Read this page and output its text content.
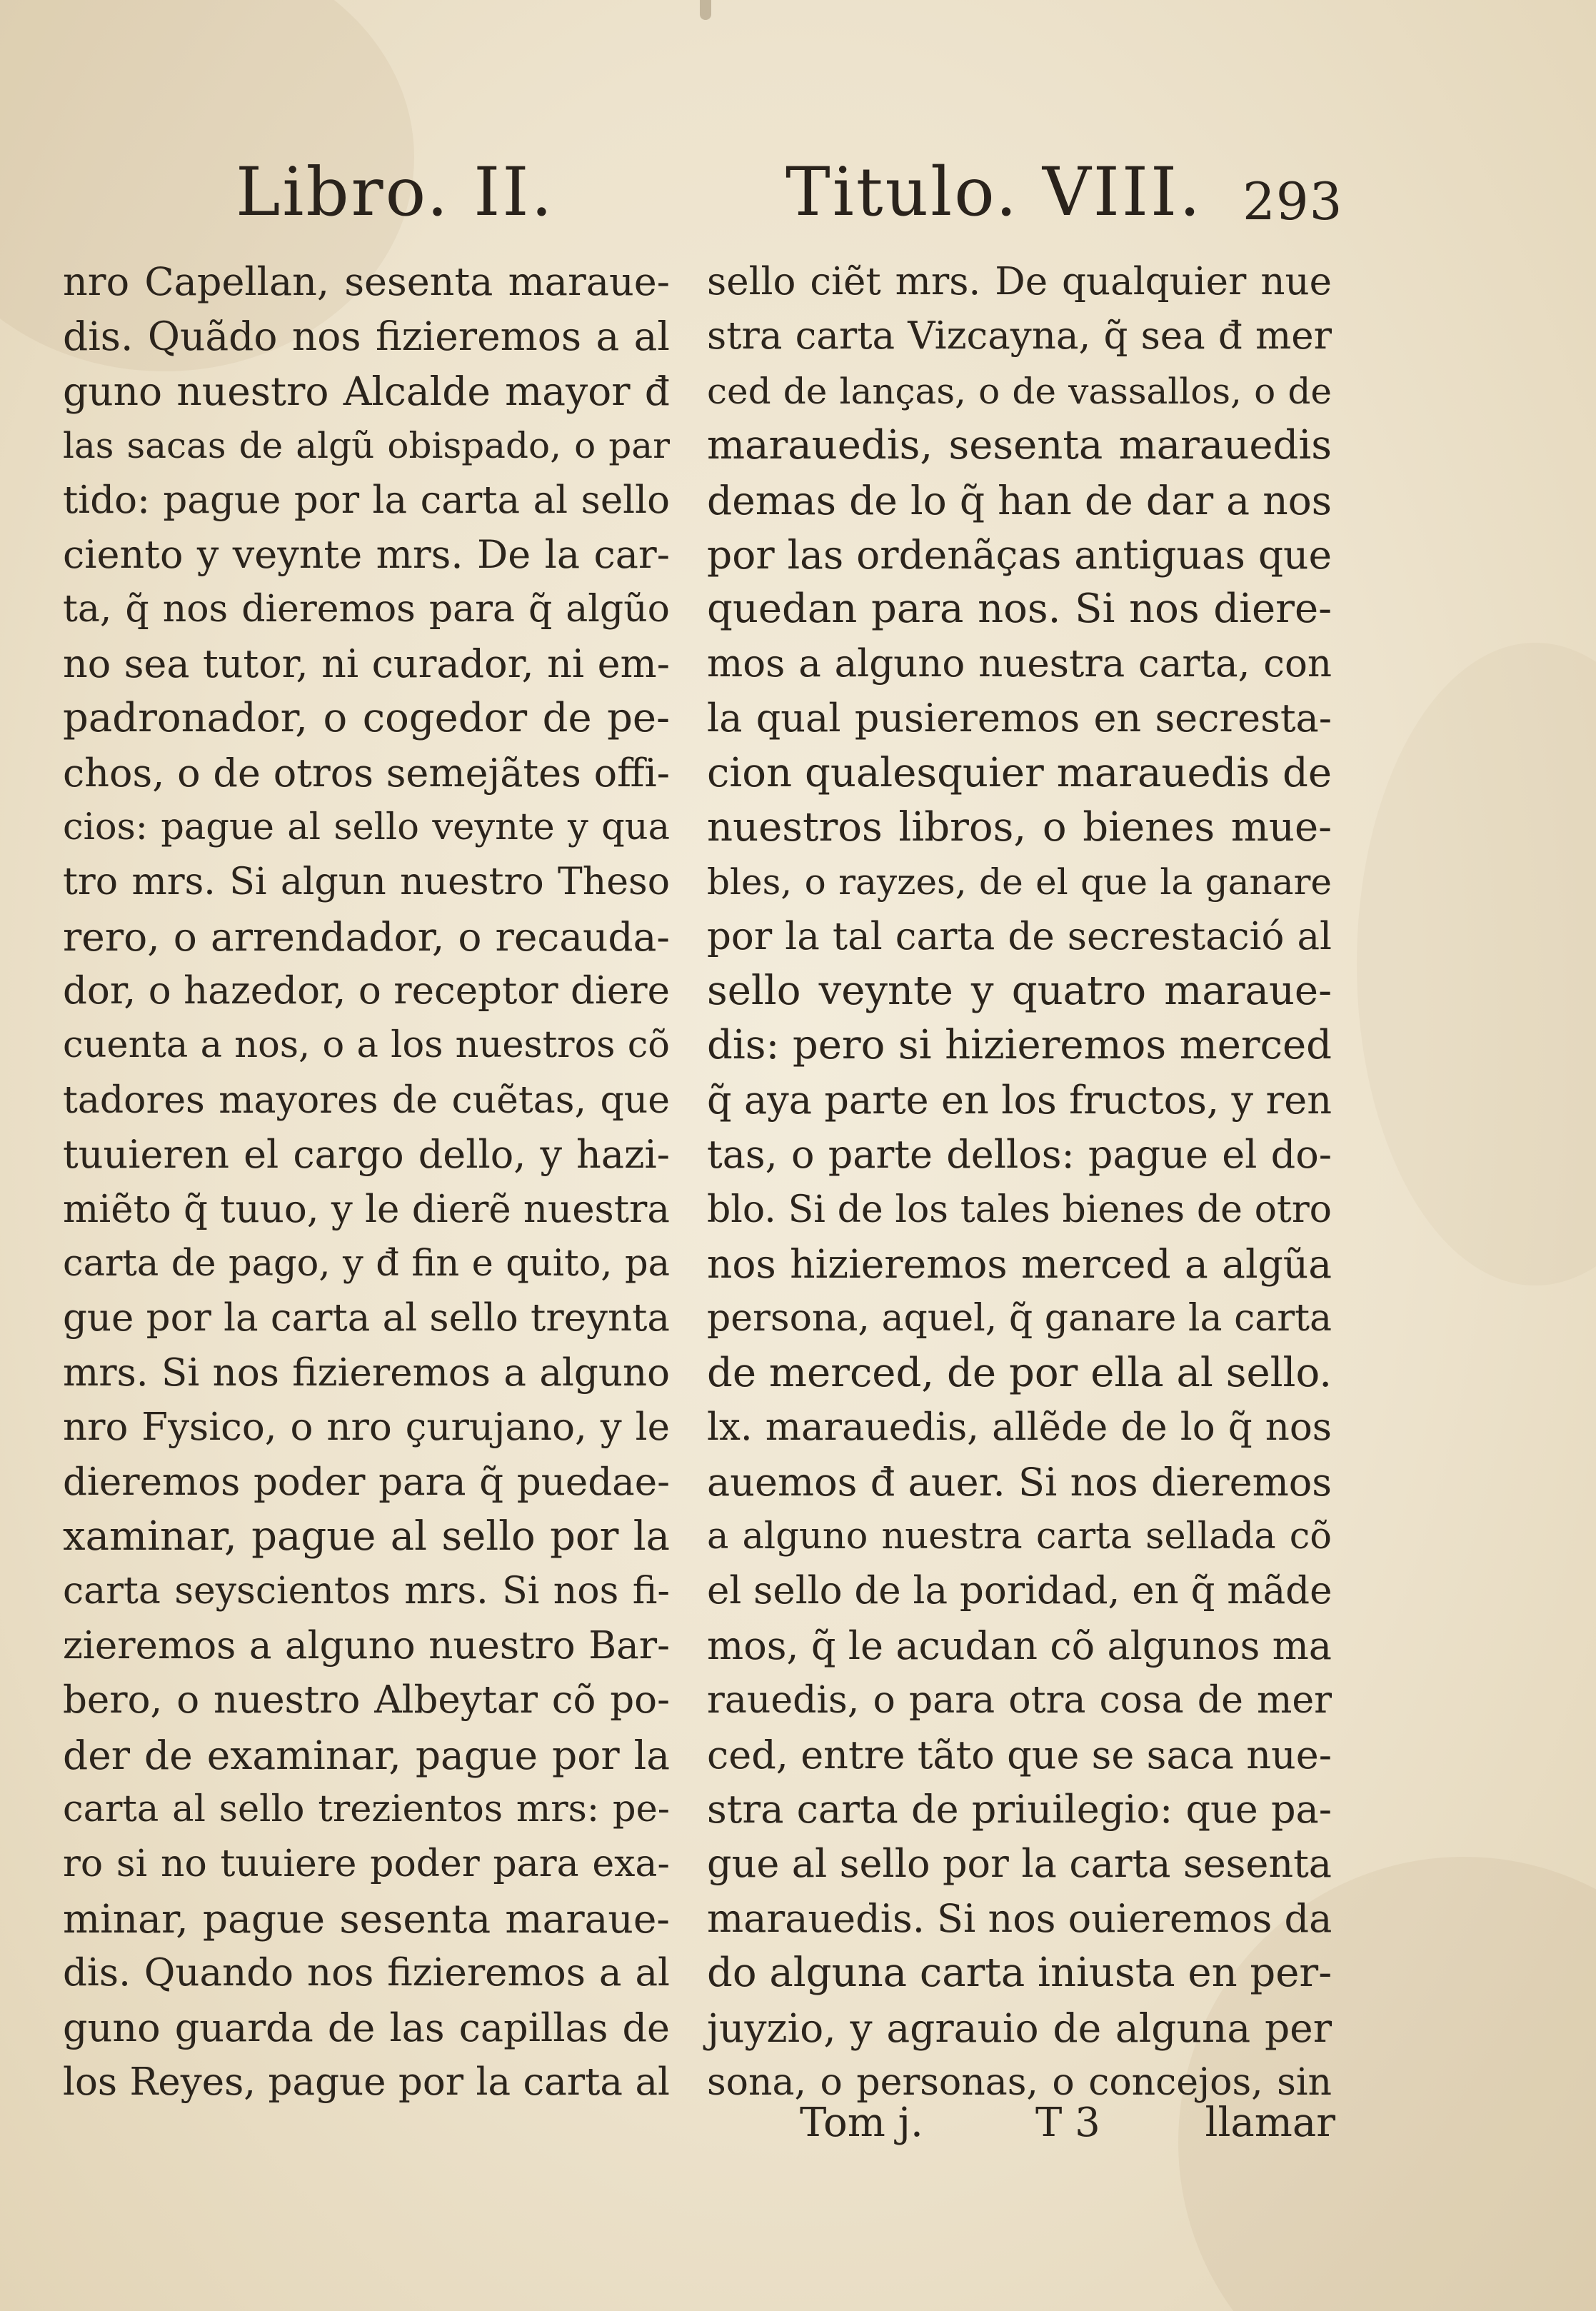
Libro. II.	Titulo. VIII. 293
nro Capellan, sesenta maraue-
dis. Quãdo nos fizieremos a al
guno nuestro Alcalde mayor đ
las sacas de algũ obispado, o par
tido: pague por la carta al sello
ciento y veynte mrs. De la car-
ta, q̃ nos dieremos para q̃ algũo
no sea tutor, ni curador, ni em-
padronador, o cogedor de pe-
chos, o de otros semejãtes offi-
cios: pague al sello veynte y qua
tro mrs. Si algun nuestro Theso
rero, o arrendador, o recauda-
dor, o hazedor, o receptor diere
cuenta a nos, o a los nuestros cõ
tadores mayores de cuẽtas, que
tuuieren el cargo dello, y hazi-
miẽto q̃ tuuo, y le dierẽ nuestra
carta de pago, y đ fin e quito, pa
gue por la carta al sello treynta
mrs. Si nos fizieremos a alguno
nro Fysico, o nro çurujano, y le
dieremos poder para q̃ puedae-
xaminar, pague al sello por la
carta seyscientos mrs. Si nos fi-
zieremos a alguno nuestro Bar-
bero, o nuestro Albeytar cõ po-
der de examinar, pague por la
carta al sello trezientos mrs: pe-
ro si no tuuiere poder para exa-
minar, pague sesenta maraue-
dis. Quando nos fizieremos a al
guno guarda de las capillas de
los Reyes, pague por la carta al
sello ciẽt mrs. De qualquier nue
stra carta Vizcayna, q̃ sea đ mer
ced de lanças, o de vassallos, o de
marauedis, sesenta marauedis
demas de lo q̃ han de dar a nos
por las ordenãças antiguas que
quedan para nos. Si nos diere-
mos a alguno nuestra carta, con
la qual pusieremos en secresta-
cion qualesquier marauedis de
nuestros libros, o bienes mue-
bles, o rayzes, de el que la ganare
por la tal carta de secrestació al
sello veynte y quatro maraue-
dis: pero si hizieremos merced
q̃ aya parte en los fructos, y ren
tas, o parte dellos: pague el do-
blo. Si de los tales bienes de otro
nos hizieremos merced a algũa
persona, aquel, q̃ ganare la carta
de merced, de por ella al sello.
lx. marauedis, allẽde de lo q̃ nos
auemos đ auer. Si nos dieremos
a alguno nuestra carta sellada cõ
el sello de la poridad, en q̃ mãde
mos, q̃ le acudan cõ algunos ma
rauedis, o para otra cosa de mer
ced, entre tãto que se saca nue-
stra carta de priuilegio: que pa-
gue al sello por la carta sesenta
marauedis. Si nos ouieremos da
do alguna carta iniusta en per-
juyzio, y agrauio de alguna per
sona, o personas, o concejos, sin
Tom j.	T 3	llamar
